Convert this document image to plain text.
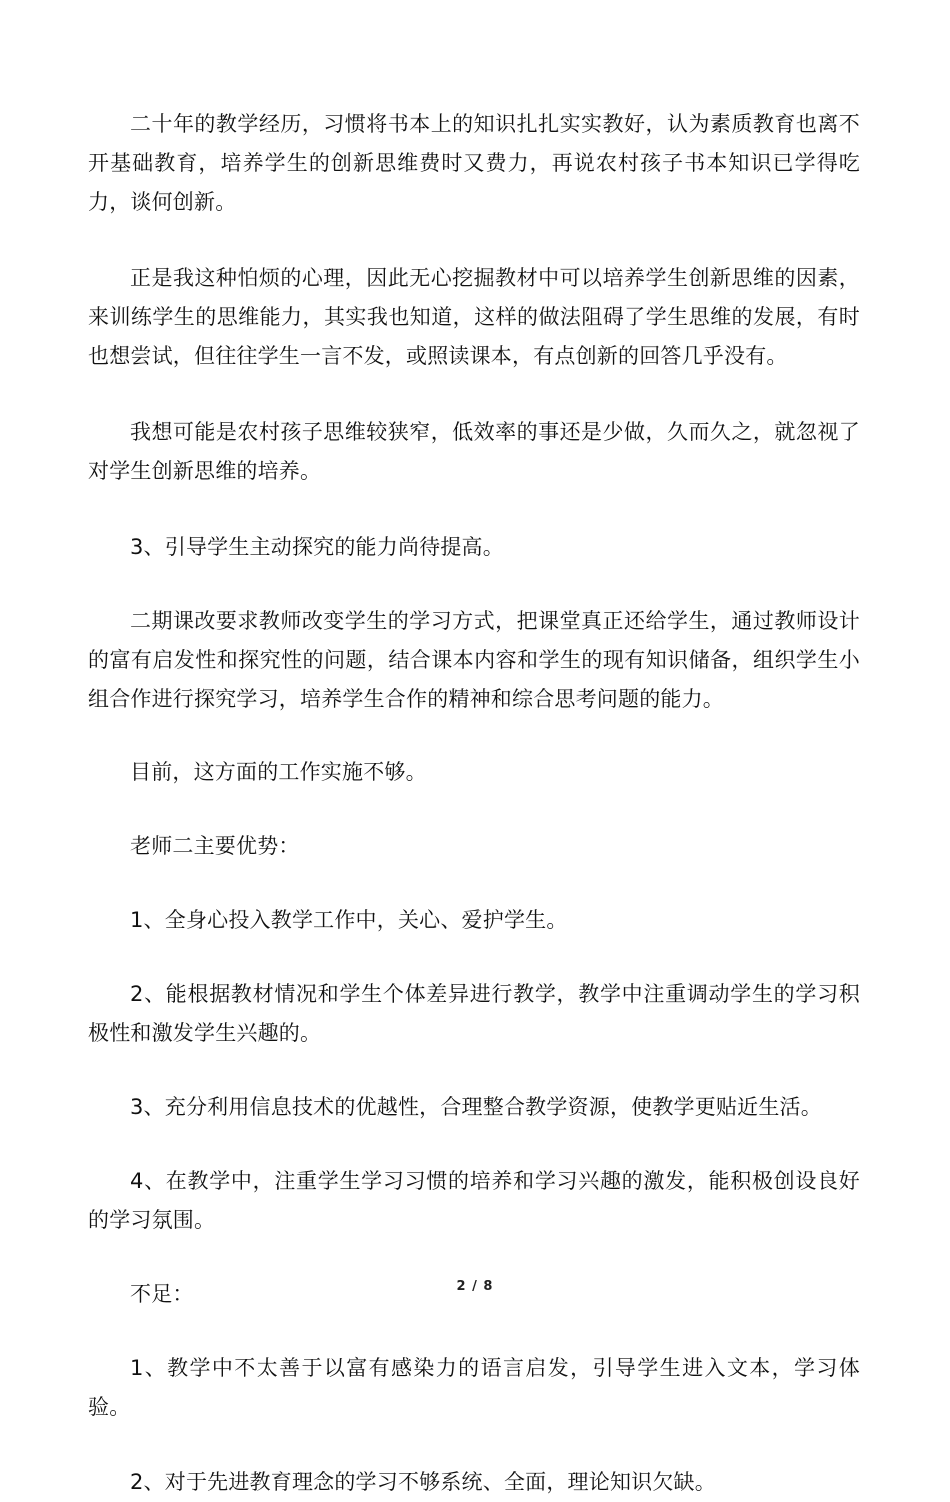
二十年的教学经历，习惯将书本上的知识扎扎实实教好，认为素质教育也离不开基础教育，培养学生的创新思维费时又费力，再说农村孩子书本知识已学得吃力，谈何创新。

正是我这种怕烦的心理，因此无心挖掘教材中可以培养学生创新思维的因素，来训练学生的思维能力，其实我也知道，这样的做法阻碍了学生思维的发展，有时也想尝试，但往往学生一言不发，或照读课本，有点创新的回答几乎没有。

我想可能是农村孩子思维较狭窄，低效率的事还是少做，久而久之，就忽视了对学生创新思维的培养。

3、引导学生主动探究的能力尚待提高。

二期课改要求教师改变学生的学习方式，把课堂真正还给学生，通过教师设计的富有启发性和探究性的问题，结合课本内容和学生的现有知识储备，组织学生小组合作进行探究学习，培养学生合作的精神和综合思考问题的能力。

目前，这方面的工作实施不够。

老师二主要优势：

1、全身心投入教学工作中，关心、爱护学生。

2、能根据教材情况和学生个体差异进行教学，教学中注重调动学生的学习积极性和激发学生兴趣的。

3、充分利用信息技术的优越性，合理整合教学资源，使教学更贴近生活。

4、在教学中，注重学生学习习惯的培养和学习兴趣的激发，能积极创设良好的学习氛围。

不足：

1、教学中不太善于以富有感染力的语言启发，引导学生进入文本，学习体验。

2、对于先进教育理念的学习不够系统、全面，理论知识欠缺。

2 / 8
